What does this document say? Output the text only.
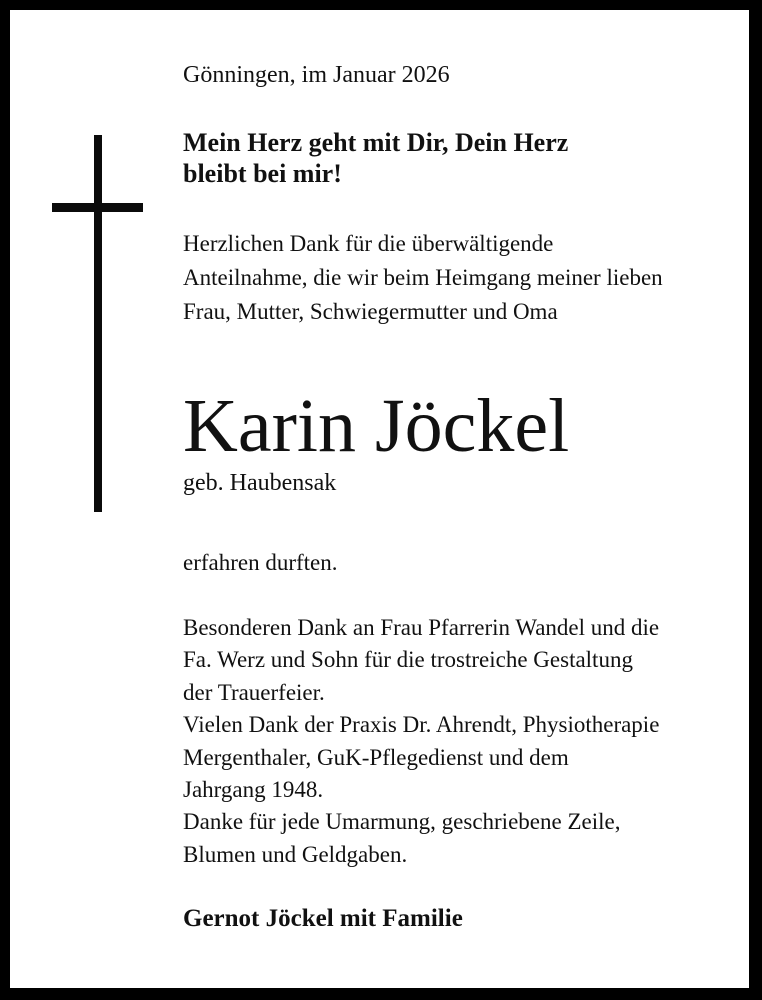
Gönningen, im Januar 2026
Mein Herz geht mit Dir, Dein Herz
bleibt bei mir!
Herzlichen Dank für die überwältigende
Anteilnahme, die wir beim Heimgang meiner lieben
Frau, Mutter, Schwiegermutter und Oma
Karin Jöckel
geb. Haubensak
erfahren durften.
Besonderen Dank an Frau Pfarrerin Wandel und die
Fa. Werz und Sohn für die trostreiche Gestaltung
der Trauerfeier.
Vielen Dank der Praxis Dr. Ahrendt, Physiotherapie
Mergenthaler, GuK-Pflegedienst und dem
Jahrgang 1948.
Danke für jede Umarmung, geschriebene Zeile,
Blumen und Geldgaben.
Gernot Jöckel mit Familie
